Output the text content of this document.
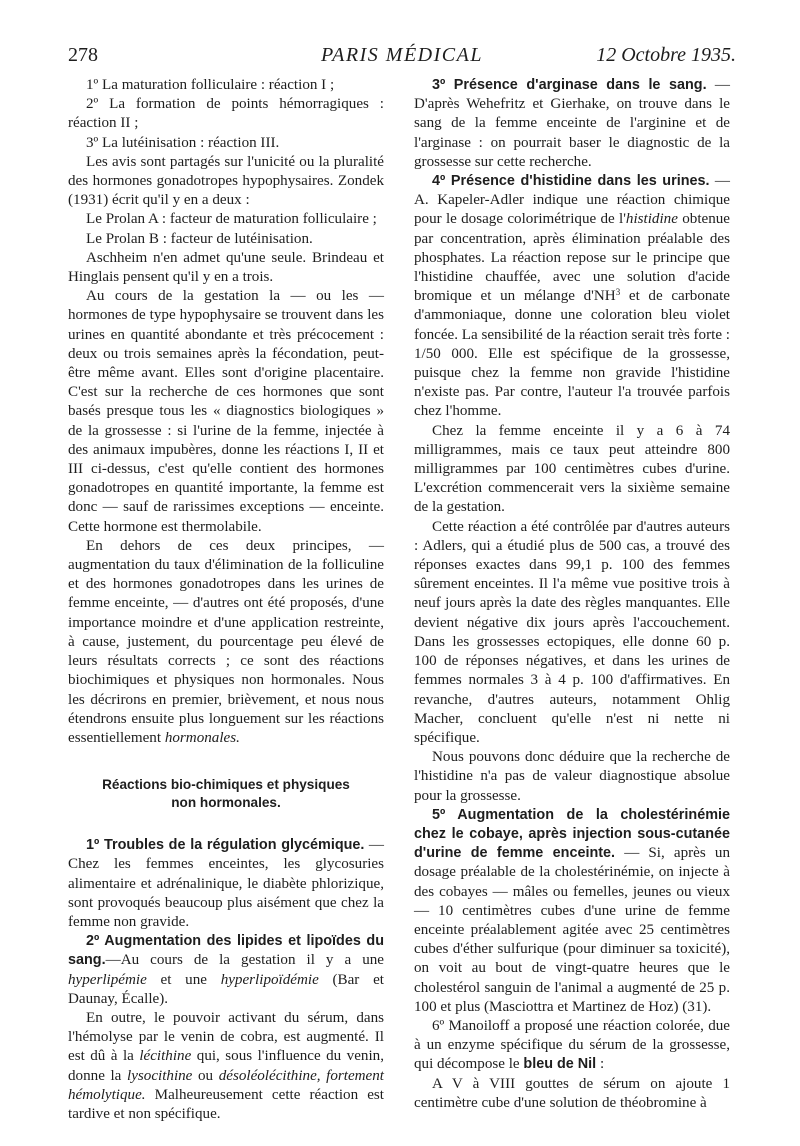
278	PARIS MÉDICAL	12 Octobre 1935.

1º La maturation folliculaire : réaction I ;

2º La formation de points hémorragiques : réaction II ;

3º La lutéinisation : réaction III.

Les avis sont partagés sur l'unicité ou la pluralité des hormones gonadotropes hypophysaires. Zondek (1931) écrit qu'il y en a deux :

Le Prolan A : facteur de maturation folliculaire ;

Le Prolan B : facteur de lutéinisation.

Aschheim n'en admet qu'une seule. Brindeau et Hinglais pensent qu'il y en a trois.

Au cours de la gestation la — ou les — hormones de type hypophysaire se trouvent dans les urines en quantité abondante et très précocement : deux ou trois semaines après la fécondation, peut-être même avant. Elles sont d'origine placentaire. C'est sur la recherche de ces hormones que sont basés presque tous les « diagnostics biologiques » de la grossesse : si l'urine de la femme, injectée à des animaux impubères, donne les réactions I, II et III ci-dessus, c'est qu'elle contient des hormones gonadotropes en quantité importante, la femme est donc — sauf de rarissimes exceptions — enceinte. Cette hormone est thermolabile.

En dehors de ces deux principes, — augmentation du taux d'élimination de la folliculine et des hormones gonadotropes dans les urines de femme enceinte, — d'autres ont été proposés, d'une importance moindre et d'une application restreinte, à cause, justement, du pourcentage peu élevé de leurs résultats corrects ; ce sont des réactions biochimiques et physiques non hormonales. Nous les décrirons en premier, brièvement, et nous nous étendrons ensuite plus longuement sur les réactions essentiellement hormonales.

Réactions bio-chimiques et physiques
non hormonales.

1º Troubles de la régulation glycémique. — Chez les femmes enceintes, les glycosuries alimentaire et adrénalinique, le diabète phlorizique, sont provoqués beaucoup plus aisément que chez la femme non gravide.

2º Augmentation des lipides et lipoïdes du sang.—Au cours de la gestation il y a une hyperlipémie et une hyperlipoïdémie (Bar et Daunay, Écalle).

En outre, le pouvoir activant du sérum, dans l'hémolyse par le venin de cobra, est augmenté. Il est dû à la lécithine qui, sous l'influence du venin, donne la lysocithine ou désoléolécithine, fortement hémolytique. Malheureusement cette réaction est tardive et non spécifique.

3º Présence d'arginase dans le sang. — D'après Wehefritz et Gierhake, on trouve dans le sang de la femme enceinte de l'arginine et de l'arginase : on pourrait baser le diagnostic de la grossesse sur cette recherche.

4º Présence d'histidine dans les urines. — A. Kapeler-Adler indique une réaction chimique pour le dosage colorimétrique de l'histidine obtenue par concentration, après élimination préalable des phosphates. La réaction repose sur le principe que l'histidine chauffée, avec une solution d'acide bromique et un mélange $d'NH^3$ et de carbonate d'ammoniaque, donne une coloration bleu violet foncée. La sensibilité de la réaction serait très forte : 1/50 000. Elle est spécifique de la grossesse, puisque chez la femme non gravide l'histidine n'existe pas. Par contre, l'auteur l'a trouvée parfois chez l'homme.

Chez la femme enceinte il y a 6 à 74 milligrammes, mais ce taux peut atteindre 800 milligrammes par 100 centimètres cubes d'urine. L'excrétion commencerait vers la sixième semaine de la gestation.

Cette réaction a été contrôlée par d'autres auteurs : Adlers, qui a étudié plus de 500 cas, a trouvé des réponses exactes dans 99,1 p. 100 des femmes sûrement enceintes. Il l'a même vue positive trois à neuf jours après la date des règles manquantes. Elle devient négative dix jours après l'accouchement. Dans les grossesses ectopiques, elle donne 60 p. 100 de réponses négatives, et dans les urines de femmes normales 3 à 4 p. 100 d'affirmatives. En revanche, d'autres auteurs, notamment Ohlig Macher, concluent qu'elle n'est ni nette ni spécifique.

Nous pouvons donc déduire que la recherche de l'histidine n'a pas de valeur diagnostique absolue pour la grossesse.

5º Augmentation de la cholestérinémie chez le cobaye, après injection sous-cutanée d'urine de femme enceinte. — Si, après un dosage préalable de la cholestérinémie, on injecte à des cobayes — mâles ou femelles, jeunes ou vieux — 10 centimètres cubes d'une urine de femme enceinte préalablement agitée avec 25 centimètres cubes d'éther sulfurique (pour diminuer sa toxicité), on voit au bout de vingt-quatre heures que le cholestérol sanguin de l'animal a augmenté de 25 p. 100 et plus (Masciottra et Martinez de Hoz) (31).

6º Manoiloff a proposé une réaction colorée, due à un enzyme spécifique du sérum de la grossesse, qui décompose le bleu de Nil :

A V à VIII gouttes de sérum on ajoute 1 centimètre cube d'une solution de théobromine à
